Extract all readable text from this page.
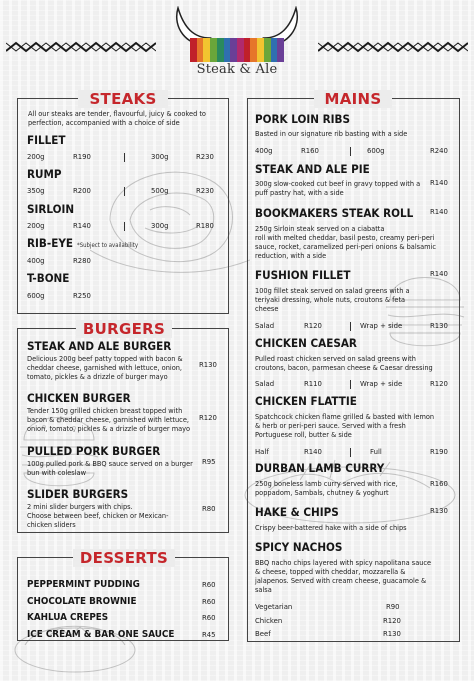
Steak & Ale
STEAKS
All our steaks are tender, flavourful, juicy & cooked to perfection, accompanied with a choice of side
FILLET
200g	R190	300g	R230
RUMP
350g	R200	500g	R230
SIRLOIN
200g	R140	300g	R180
RIB-EYE *Subject to availability
400g	R280
T-BONE
600g	R250
BURGERS
STEAK AND ALE BURGER
Delicious 200g beef patty topped with bacon &
cheddar cheese, garnished with lettuce, onion,
tomato, pickles & a drizzle of burger mayo
R130
CHICKEN BURGER
Tender 150g grilled chicken breast topped with
bacon & cheddar cheese, garnished with lettuce,
onion, tomato, pickles & a drizzle of burger mayo
R120
PULLED PORK BURGER
100g pulled pork & BBQ sauce served on a burger
bun with coleslaw
R95
SLIDER BURGERS
2 mini slider burgers with chips.
Choose between beef, chicken or Mexican-
chicken sliders
R80
DESSERTS
PEPPERMINT PUDDING	R60
CHOCOLATE BROWNIE	R60
KAHLUA CREPES	R60
ICE CREAM & BAR ONE SAUCE	R45
MAINS
PORK LOIN RIBS
Basted in our signature rib basting with a side
400g	R160	600g	R240
STEAK AND ALE PIE
300g slow-cooked cut beef in gravy topped with a
puff pastry hat, with a side
R140
BOOKMAKERS STEAK ROLL R140
250g Sirloin steak served on a ciabatta
roll with melted cheddar, basil pesto, creamy peri-peri
sauce, rocket, caramelized peri-peri onions & balsamic
reduction, with a side
FUSHION FILLET	R140
100g fillet steak served on salad greens with a
teriyaki dressing, whole nuts, croutons & feta
cheese
Salad	R120	Wrap + side	R130
CHICKEN CAESAR
Pulled roast chicken served on salad greens with
croutons, bacon, parmesan cheese & Caesar dressing
Salad	R110	Wrap + side	R120
CHICKEN FLATTIE
Spatchcock chicken flame grilled & basted with lemon
& herb or peri-peri sauce. Served with a fresh
Portuguese roll, butter & side
Half	R140	Full	R190
DURBAN LAMB CURRY
250g boneless lamb curry served with rice,
poppadom, Sambals, chutney & yoghurt
R160
HAKE & CHIPS	R130
Crispy beer-battered hake with a side of chips
SPICY NACHOS
BBQ nacho chips layered with spicy napolitana sauce
& cheese, topped with cheddar, mozzarella &
jalapenos. Served with cream cheese, guacamole &
salsa
Vegetarian	R90
Chicken	R120
Beef	R130
